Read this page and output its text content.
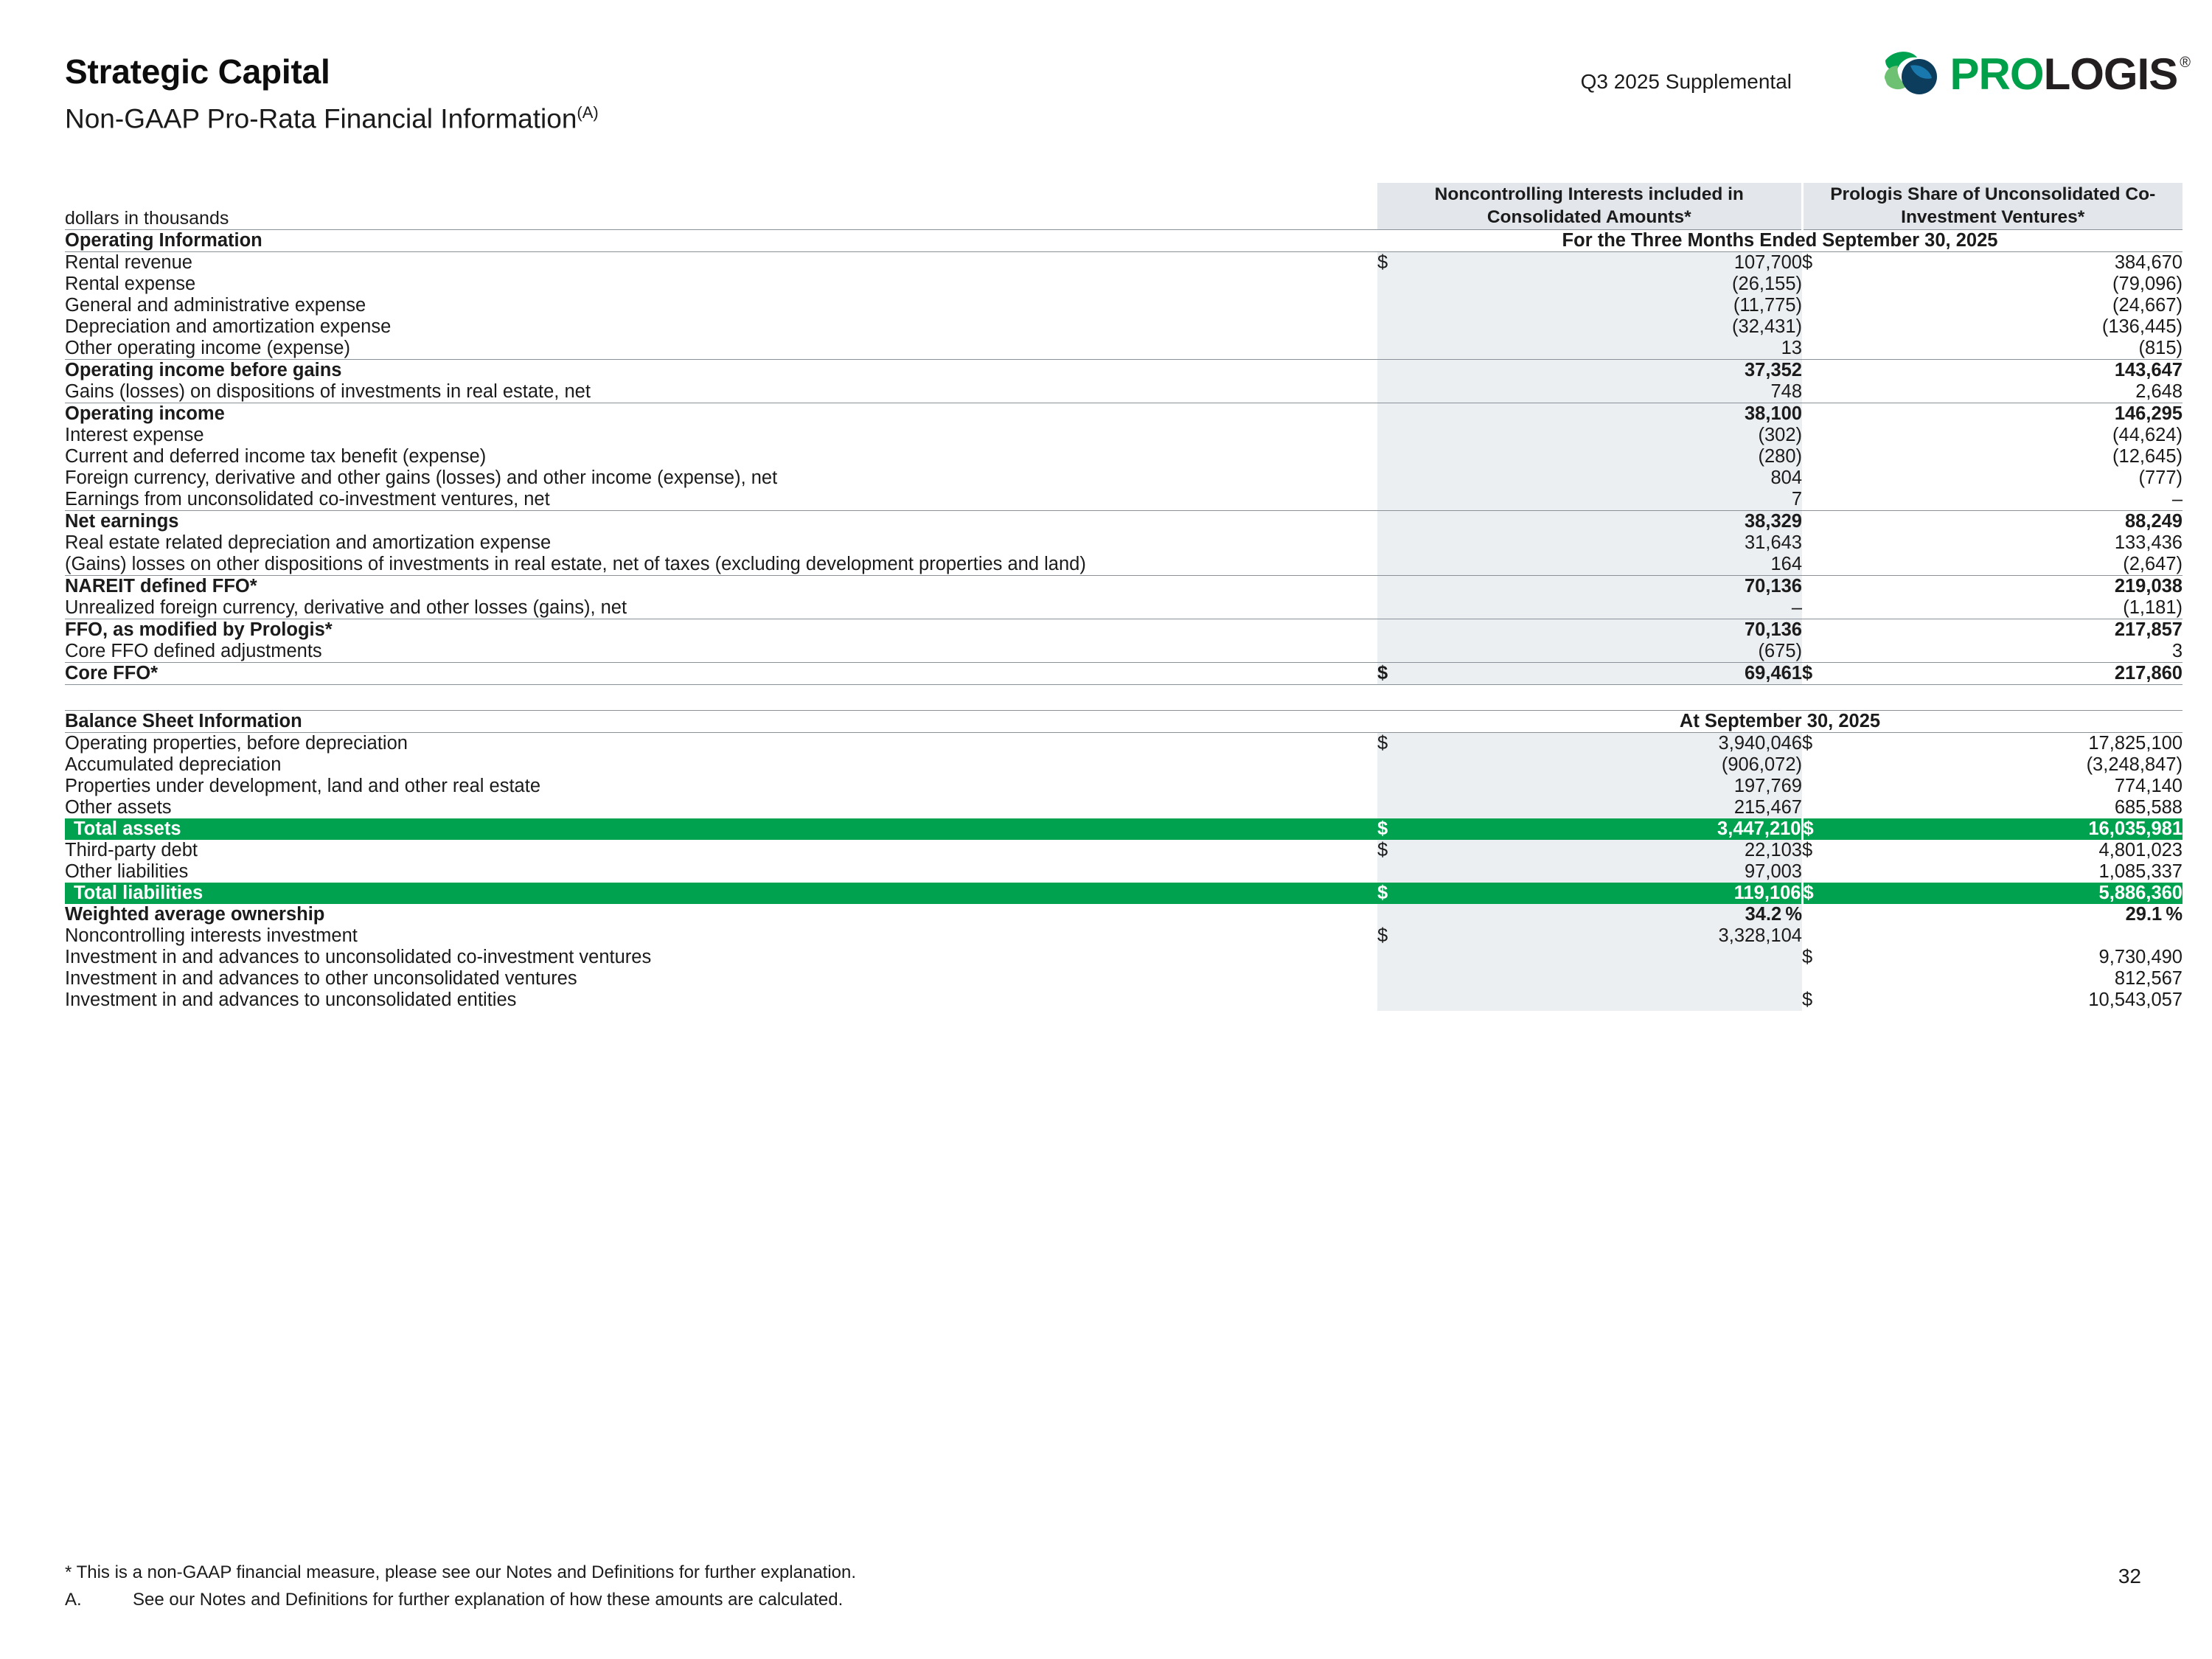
Strategic Capital
Non-GAAP Pro-Rata Financial Information$^{(A)}$
Q3 2025 Supplemental	PRO LOGIS ®
dollars in thousands	Noncontrolling Interests included in Consolidated Amounts*		Prologis Share of Unconsolidated Co-Investment Ventures*	
Operating Information	For the Three Months Ended September 30, 2025			
Rental revenue	$	107,700	$	384,670
Rental expense		(26,155)		(79,096)
General and administrative expense		(11,775)		(24,667)
Depreciation and amortization expense		(32,431)		(136,445)
Other operating income (expense)		13		(815)
Operating income before gains		37,352		143,647
Gains (losses) on dispositions of investments in real estate, net		748		2,648
Operating income		38,100		146,295
Interest expense		(302)		(44,624)
Current and deferred income tax benefit (expense)		(280)		(12,645)
Foreign currency, derivative and other gains (losses) and other income (expense), net		804		(777)
Earnings from unconsolidated co-investment ventures, net		7		–
Net earnings		38,329		88,249
Real estate related depreciation and amortization expense		31,643		133,436
(Gains) losses on other dispositions of investments in real estate, net of taxes (excluding development properties and land)		164		(2,647)
NAREIT defined FFO*		70,136		219,038
Unrealized foreign currency, derivative and other losses (gains), net		–		(1,181)
FFO, as modified by Prologis*		70,136		217,857
Core FFO defined adjustments		(675)		3
Core FFO*	$	69,461	$	217,860

Balance Sheet Information	At September 30, 2025			
Operating properties, before depreciation	$	3,940,046	$	17,825,100
Accumulated depreciation		(906,072)		(3,248,847)
Properties under development, land and other real estate		197,769		774,140
Other assets		215,467		685,588
Total assets	$	3,447,210	$	16,035,981
Third-party debt	$	22,103	$	4,801,023
Other liabilities		97,003		1,085,337
Total liabilities	$	119,106	$	5,886,360
Weighted average ownership		34.2 %		29.1 %
Noncontrolling interests investment	$	3,328,104		
Investment in and advances to unconsolidated co-investment ventures			$	9,730,490
Investment in and advances to other unconsolidated ventures				812,567
Investment in and advances to unconsolidated entities			$	10,543,057
* This is a non-GAAP financial measure, please see our Notes and Definitions for further explanation.
A.	See our Notes and Definitions for further explanation of how these amounts are calculated.
32
